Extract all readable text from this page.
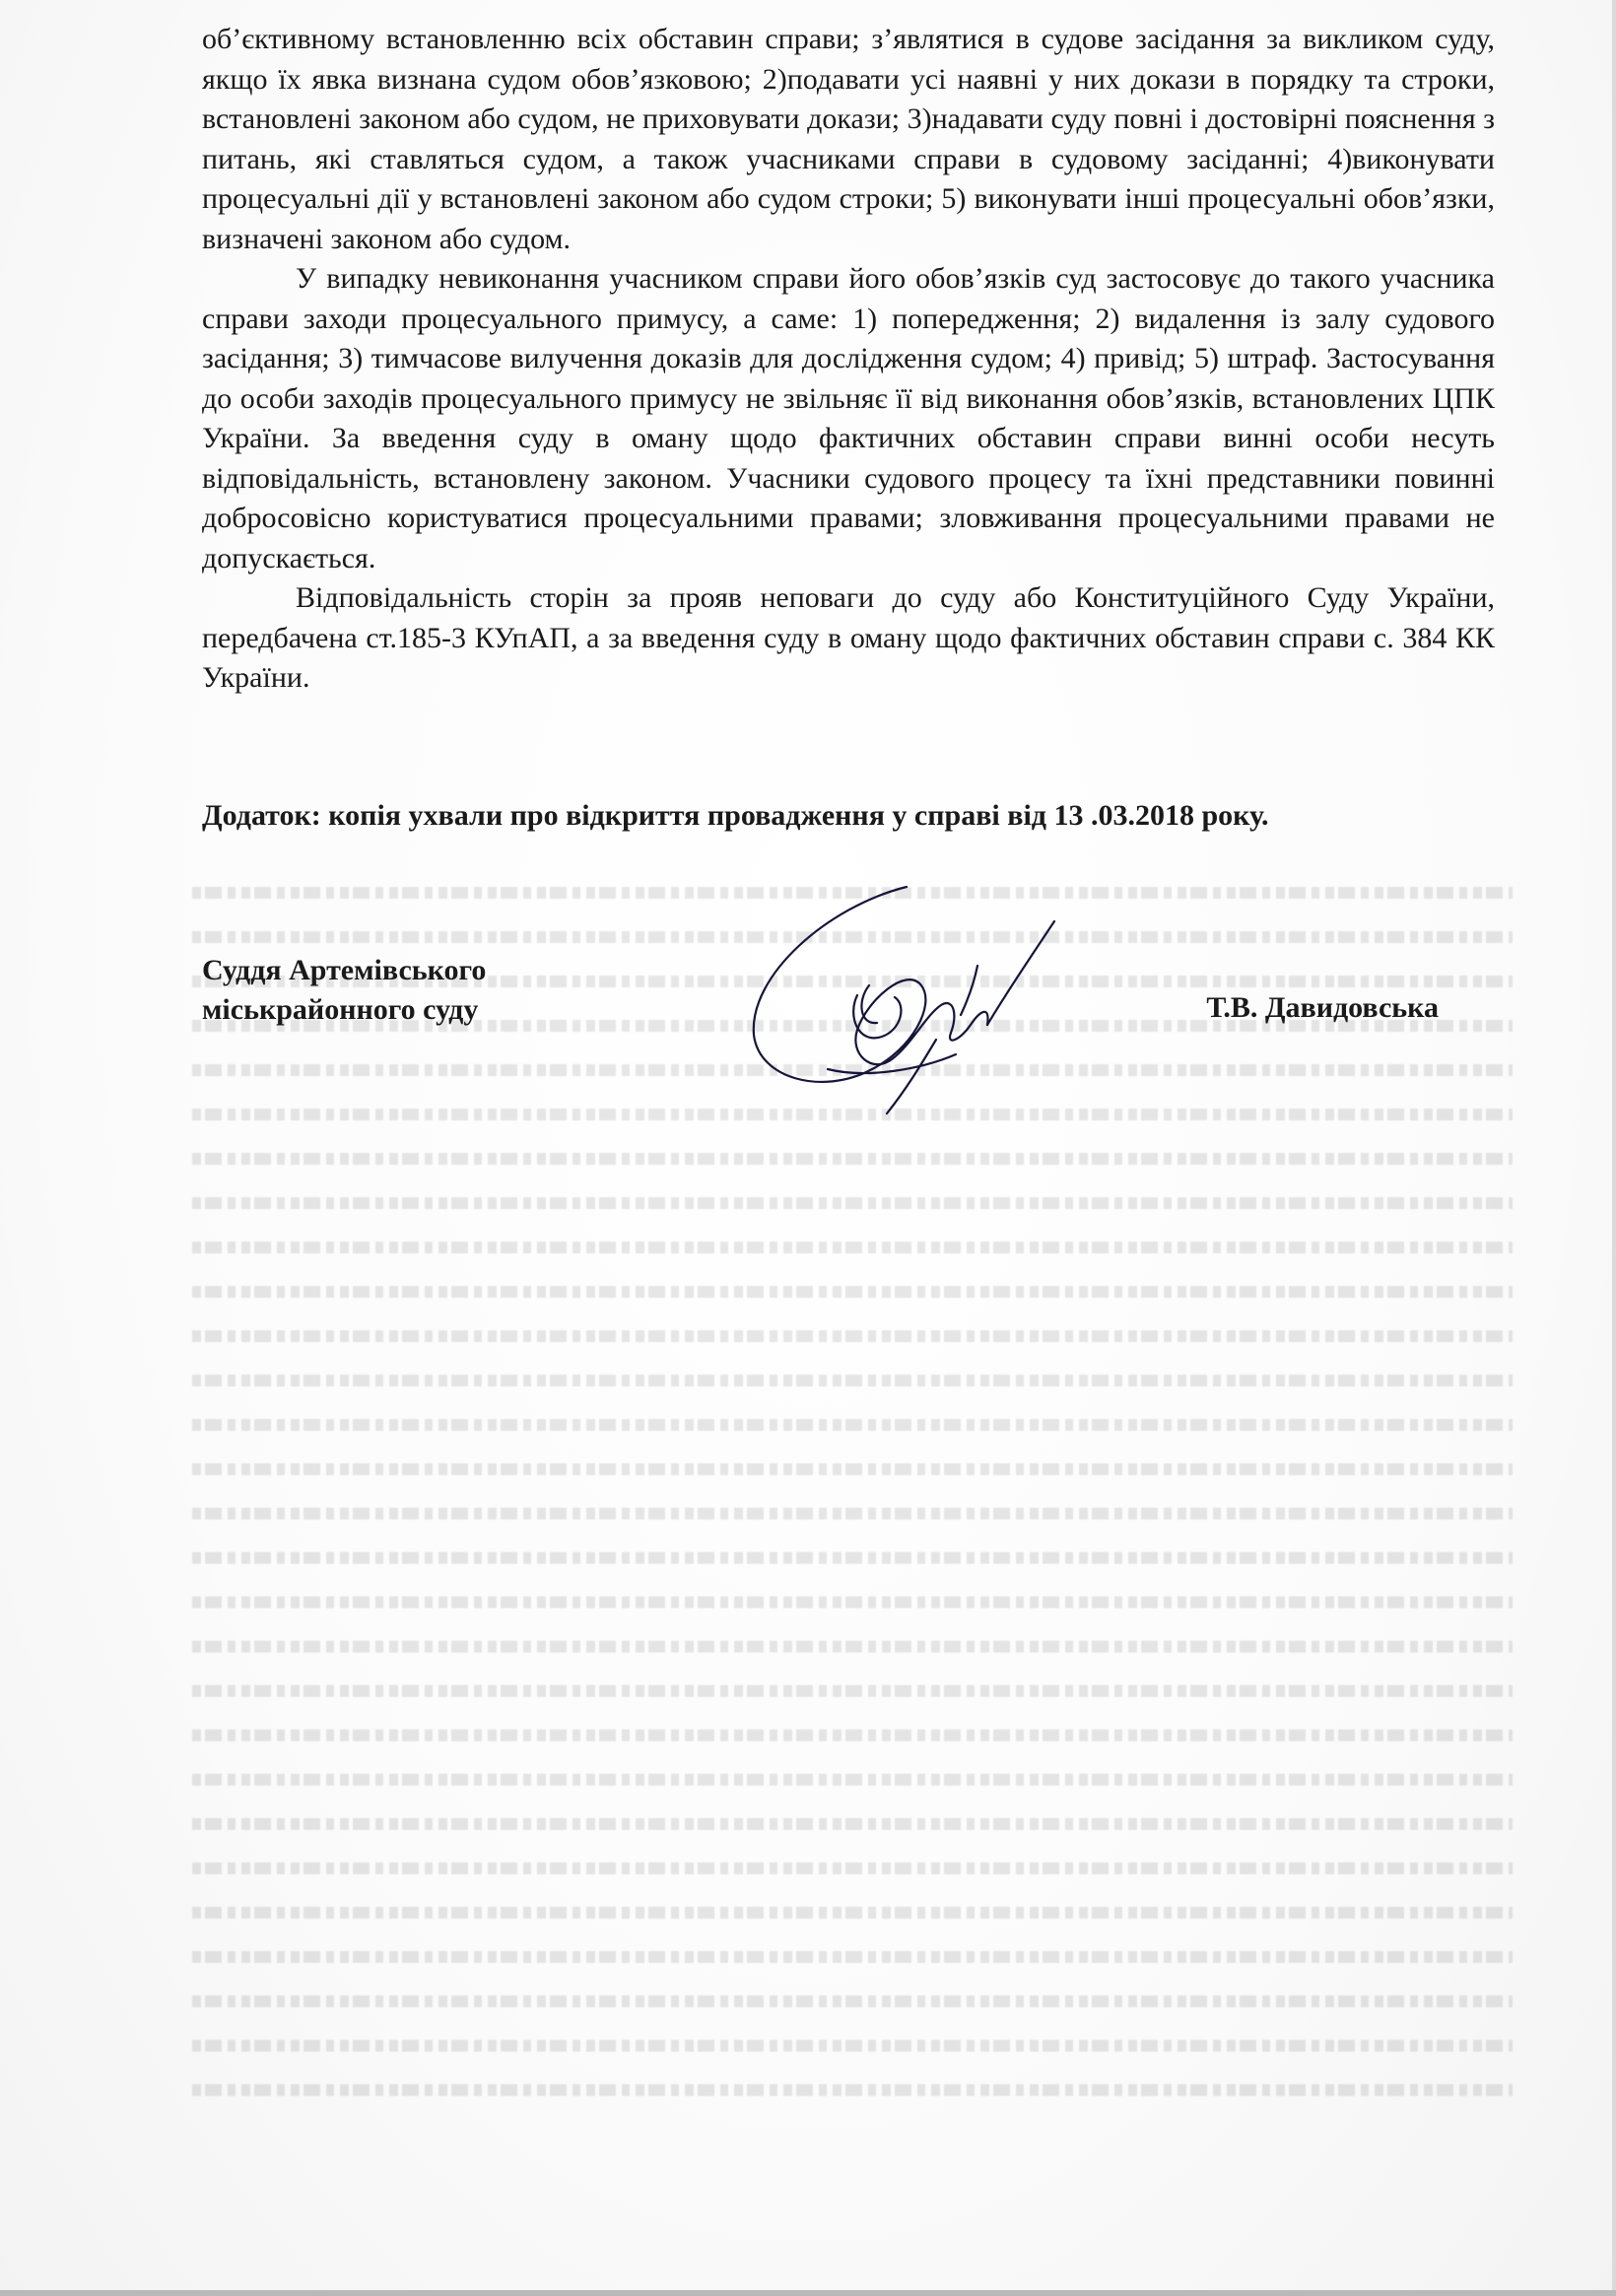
об’єктивному встановленню всіх обставин справи; з’являтися в судове засідання за викликом суду, якщо їх явка визнана судом обов’язковою; 2)подавати усі наявні у них докази в порядку та строки, встановлені законом або судом, не приховувати докази; 3)надавати суду повні і достовірні пояснення з питань, які ставляться судом, а також учасниками справи в судовому засіданні; 4)виконувати процесуальні дії у встановлені законом або судом строки; 5) виконувати інші процесуальні обов’язки, визначені законом або судом.

У випадку невиконання учасником справи його обов’язків суд застосовує до такого учасника справи заходи процесуального примусу, а саме: 1) попередження; 2) видалення із залу судового засідання; 3) тимчасове вилучення доказів для дослідження судом; 4) привід; 5) штраф. Застосування до особи заходів процесуального примусу не звільняє її від виконання обов’язків, встановлених ЦПК України. За введення суду в оману щодо фактичних обставин справи винні особи несуть відповідальність, встановлену законом. Учасники судового процесу та їхні представники повинні добросовісно користуватися процесуальними правами; зловживання процесуальними правами не допускається.

Відповідальність сторін за прояв неповаги до суду або Конституційного Суду України, передбачена ст.185-3 КУпАП, а за введення суду в оману щодо фактичних обставин справи с. 384 КК України.

Додаток: копія ухвали про відкриття провадження у справі від 13 .03.2018 року.
Суддя Артемівського
міськрайонного суду	Т.В. Давидовська
